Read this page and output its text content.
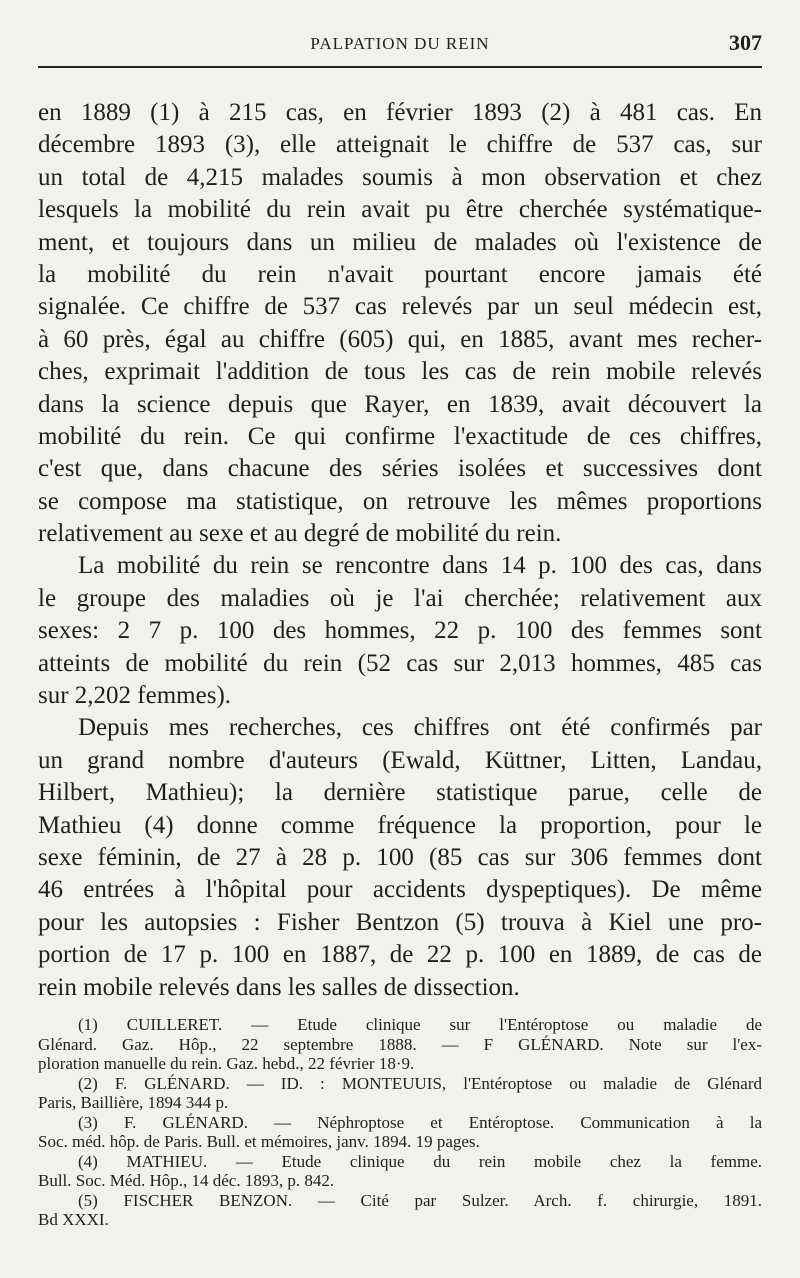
PALPATION DU REIN	307
en 1889 (1) à 215 cas, en février 1893 (2) à 481 cas. En
décembre 1893 (3), elle atteignait le chiffre de 537 cas, sur
un total de 4,215 malades soumis à mon observation et chez
lesquels la mobilité du rein avait pu être cherchée systématique-
ment, et toujours dans un milieu de malades où l'existence de
la mobilité du rein n'avait pourtant encore jamais été
signalée. Ce chiffre de 537 cas relevés par un seul médecin est,
à 60 près, égal au chiffre (605) qui, en 1885, avant mes recher-
ches, exprimait l'addition de tous les cas de rein mobile relevés
dans la science depuis que Rayer, en 1839, avait découvert la
mobilité du rein. Ce qui confirme l'exactitude de ces chiffres,
c'est que, dans chacune des séries isolées et successives dont
se compose ma statistique, on retrouve les mêmes proportions
relativement au sexe et au degré de mobilité du rein.
La mobilité du rein se rencontre dans 14 p. 100 des cas, dans
le groupe des maladies où je l'ai cherchée; relativement aux
sexes: 2 7 p. 100 des hommes, 22 p. 100 des femmes sont
atteints de mobilité du rein (52 cas sur 2,013 hommes, 485 cas
sur 2,202 femmes).
Depuis mes recherches, ces chiffres ont été confirmés par
un grand nombre d'auteurs (Ewald, Küttner, Litten, Landau,
Hilbert, Mathieu); la dernière statistique parue, celle de
Mathieu (4) donne comme fréquence la proportion, pour le
sexe féminin, de 27 à 28 p. 100 (85 cas sur 306 femmes dont
46 entrées à l'hôpital pour accidents dyspeptiques). De même
pour les autopsies : Fisher Bentzon (5) trouva à Kiel une pro-
portion de 17 p. 100 en 1887, de 22 p. 100 en 1889, de cas de
rein mobile relevés dans les salles de dissection.
(1) CUILLERET. — Etude clinique sur l'Entéroptose ou maladie de
Glénard. Gaz. Hôp., 22 septembre 1888. — F GLÉNARD. Note sur l'ex-
ploration manuelle du rein. Gaz. hebd., 22 février 18·9.
(2) F. GLÉNARD. — ID. : MONTEUUIS, l'Entéroptose ou maladie de Glénard
Paris, Baillière, 1894 344 p.
(3) F. GLÉNARD. — Néphroptose et Entéroptose. Communication à la
Soc. méd. hôp. de Paris. Bull. et mémoires, janv. 1894. 19 pages.
(4) MATHIEU. — Etude clinique du rein mobile chez la femme.
Bull. Soc. Méd. Hôp., 14 déc. 1893, p. 842.
(5) FISCHER BENZON. — Cité par Sulzer. Arch. f. chirurgie, 1891.
Bd XXXI.
